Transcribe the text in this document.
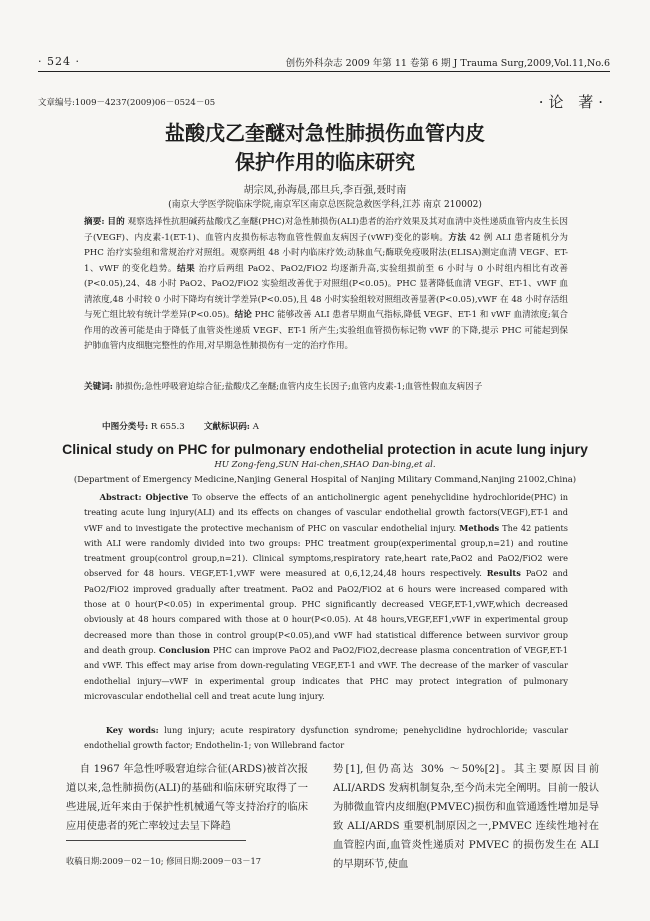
· 524 ·	创伤外科杂志 2009 年第 11 卷第 6 期 J Trauma Surg,2009,Vol.11,No.6
文章编号:1009－4237(2009)06－0524－05	·论 著·
盐酸戊乙奎醚对急性肺损伤血管内皮
保护作用的临床研究
胡宗凤,孙海晨,邵旦兵,李百强,聂时南
(南京大学医学院临床学院,南京军区南京总医院急救医学科,江苏 南京 210002)
摘要: 目的 观察选择性抗胆碱药盐酸戊乙奎醚(PHC)对急性肺损伤(ALI)患者的治疗效果及其对血清中炎性递质血管内皮生长因子(VEGF)、内皮素-1(ET-1)、血管内皮损伤标志物血管性假血友病因子(vWF)变化的影响。方法 42 例 ALI 患者随机分为 PHC 治疗实验组和常规治疗对照组。观察两组 48 小时内临床疗效;动脉血气;酶联免疫吸附法(ELISA)测定血清 VEGF、ET-1、vWF 的变化趋势。结果 治疗后两组 PaO2、PaO2/FiO2 均逐渐升高,实验组损前至 6 小时与 0 小时组内相比有改善(P<0.05),24、48 小时 PaO2、PaO2/FiO2 实验组改善优于对照组(P<0.05)。PHC 显著降低血清 VEGF、ET-1、vWF 血清浓度,48 小时较 0 小时下降均有统计学差异(P<0.05),且 48 小时实验组较对照组改善显著(P<0.05),vWF 在 48 小时存活组与死亡组比较有统计学差异(P<0.05)。结论 PHC 能够改善 ALI 患者早期血气指标,降低 VEGF、ET-1 和 vWF 血清浓度;氧合作用的改善可能是由于降低了血管炎性递质 VEGF、ET-1 所产生;实验组血管损伤标记物 vWF 的下降,提示 PHC 可能起到保护肺血管内皮细胞完整性的作用,对早期急性肺损伤有一定的治疗作用。
关键词: 肺损伤;急性呼吸窘迫综合征;盐酸戊乙奎醚;血管内皮生长因子;血管内皮素-1;血管性假血友病因子
中图分类号: R 655.3 文献标识码: A
Clinical study on PHC for pulmonary endothelial protection in acute lung injury
HU Zong-feng,SUN Hai-chen,SHAO Dan-bing,et al.
(Department of Emergency Medicine,Nanjing General Hospital of Nanjing Military Command,Nanjing 21002,China)
Abstract: Objective To observe the effects of an anticholinergic agent penehyclidine hydrochloride(PHC) in treating acute lung injury(ALI) and its effects on changes of vascular endothelial growth factors(VEGF),ET-1 and vWF and to investigate the protective mechanism of PHC on vascular endothelial injury. Methods The 42 patients with ALI were randomly divided into two groups: PHC treatment group(experimental group,n=21) and routine treatment group(control group,n=21). Clinical symptoms,respiratory rate,heart rate,PaO2 and PaO2/FiO2 were observed for 48 hours. VEGF,ET-1,vWF were measured at 0,6,12,24,48 hours respectively. Results PaO2 and PaO2/FiO2 improved gradually after treatment. PaO2 and PaO2/FiO2 at 6 hours were increased compared with those at 0 hour(P<0.05) in experimental group. PHC significantly decreased VEGF,ET-1,vWF,which decreased obviously at 48 hours compared with those at 0 hour(P<0.05). At 48 hours,VEGF,EF1,vWF in experimental group decreased more than those in control group(P<0.05),and vWF had statistical difference between survivor group and death group. Conclusion PHC can improve PaO2 and PaO2/FiO2,decrease plasma concentration of VEGF,ET-1 and vWF. This effect may arise from down-regulating VEGF,ET-1 and vWF. The decrease of the marker of vascular endothelial injury—vWF in experimental group indicates that PHC may protect integration of pulmonary microvascular endothelial cell and treat acute lung injury.
Key words: lung injury; acute respiratory dysfunction syndrome; penehyclidine hydrochloride; vascular endothelial growth factor; Endothelin-1; von Willebrand factor
自 1967 年急性呼吸窘迫综合征(ARDS)被首次报道以来,急性肺损伤(ALI)的基础和临床研究取得了一些进展,近年来由于保护性机械通气等支持治疗的临床应用使患者的死亡率较过去呈下降趋
势[1],但仍高达 30% ～50%[2]。其主要原因目前 ALI/ARDS 发病机制复杂,至今尚未完全阐明。目前一般认为肺微血管内皮细胞(PMVEC)损伤和血管通透性增加是导致 ALI/ARDS 重要机制原因之一,PMVEC 连续性地衬在血管腔内面,血管炎性递质对 PMVEC 的损伤发生在 ALI 的早期环节,使血
收稿日期:2009－02－10; 修回日期:2009－03－17
